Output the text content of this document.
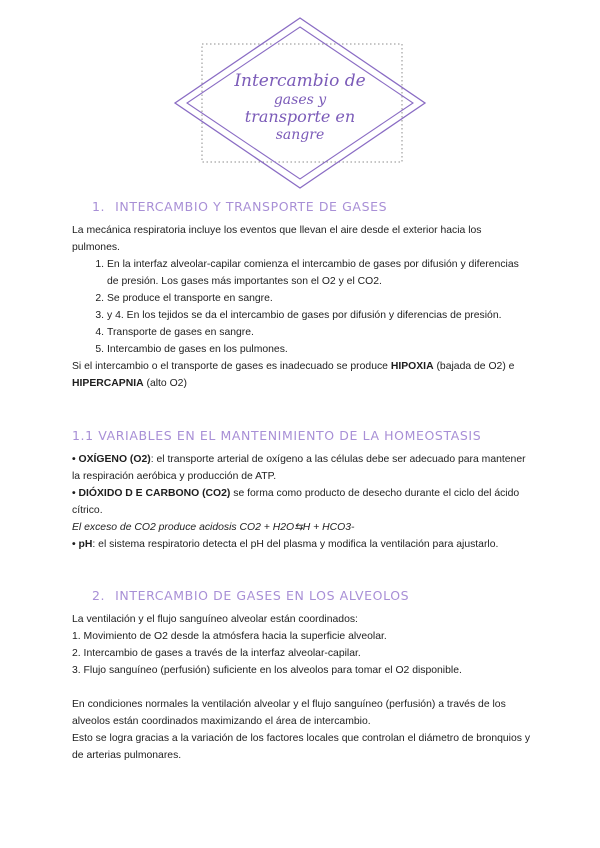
Intercambio de
gases y
transporte en
sangre
1. INTERCAMBIO Y TRANSPORTE DE GASES

La mecánica respiratoria incluye los eventos que llevan el aire desde el exterior hacia los pulmones.

1. En la interfaz alveolar-capilar comienza el intercambio de gases por difusión y diferencias de presión. Los gases más importantes son el O2 y el CO2.
2. Se produce el transporte en sangre.
3. y 4. En los tejidos se da el intercambio de gases por difusión y diferencias de presión.
4. Transporte de gases en sangre.
5. Intercambio de gases en los pulmones.

Si el intercambio o el transporte de gases es inadecuado se produce HIPOXIA (bajada de O2) e HIPERCAPNIA (alto O2)

1.1 VARIABLES EN EL MANTENIMIENTO DE LA HOMEOSTASIS

• OXÍGENO (O2): el transporte arterial de oxígeno a las células debe ser adecuado para mantener la respiración aeróbica y producción de ATP.

• DIÓXIDO D E CARBONO (CO2) se forma como producto de desecho durante el ciclo del ácido cítrico.

El exceso de CO2 produce acidosis CO2 + H2O⇆H + HCO3-

• pH: el sistema respiratorio detecta el pH del plasma y modifica la ventilación para ajustarlo.

2. INTERCAMBIO DE GASES EN LOS ALVEOLOS

La ventilación y el flujo sanguíneo alveolar están coordinados:

1. Movimiento de O2 desde la atmósfera hacia la superficie alveolar.
2. Intercambio de gases a través de la interfaz alveolar-capilar.
3. Flujo sanguíneo (perfusión) suficiente en los alveolos para tomar el O2 disponible.

En condiciones normales la ventilación alveolar y el flujo sanguíneo (perfusión) a través de los alveolos están coordinados maximizando el área de intercambio.

Esto se logra gracias a la variación de los factores locales que controlan el diámetro de bronquios y de arterias pulmonares.
